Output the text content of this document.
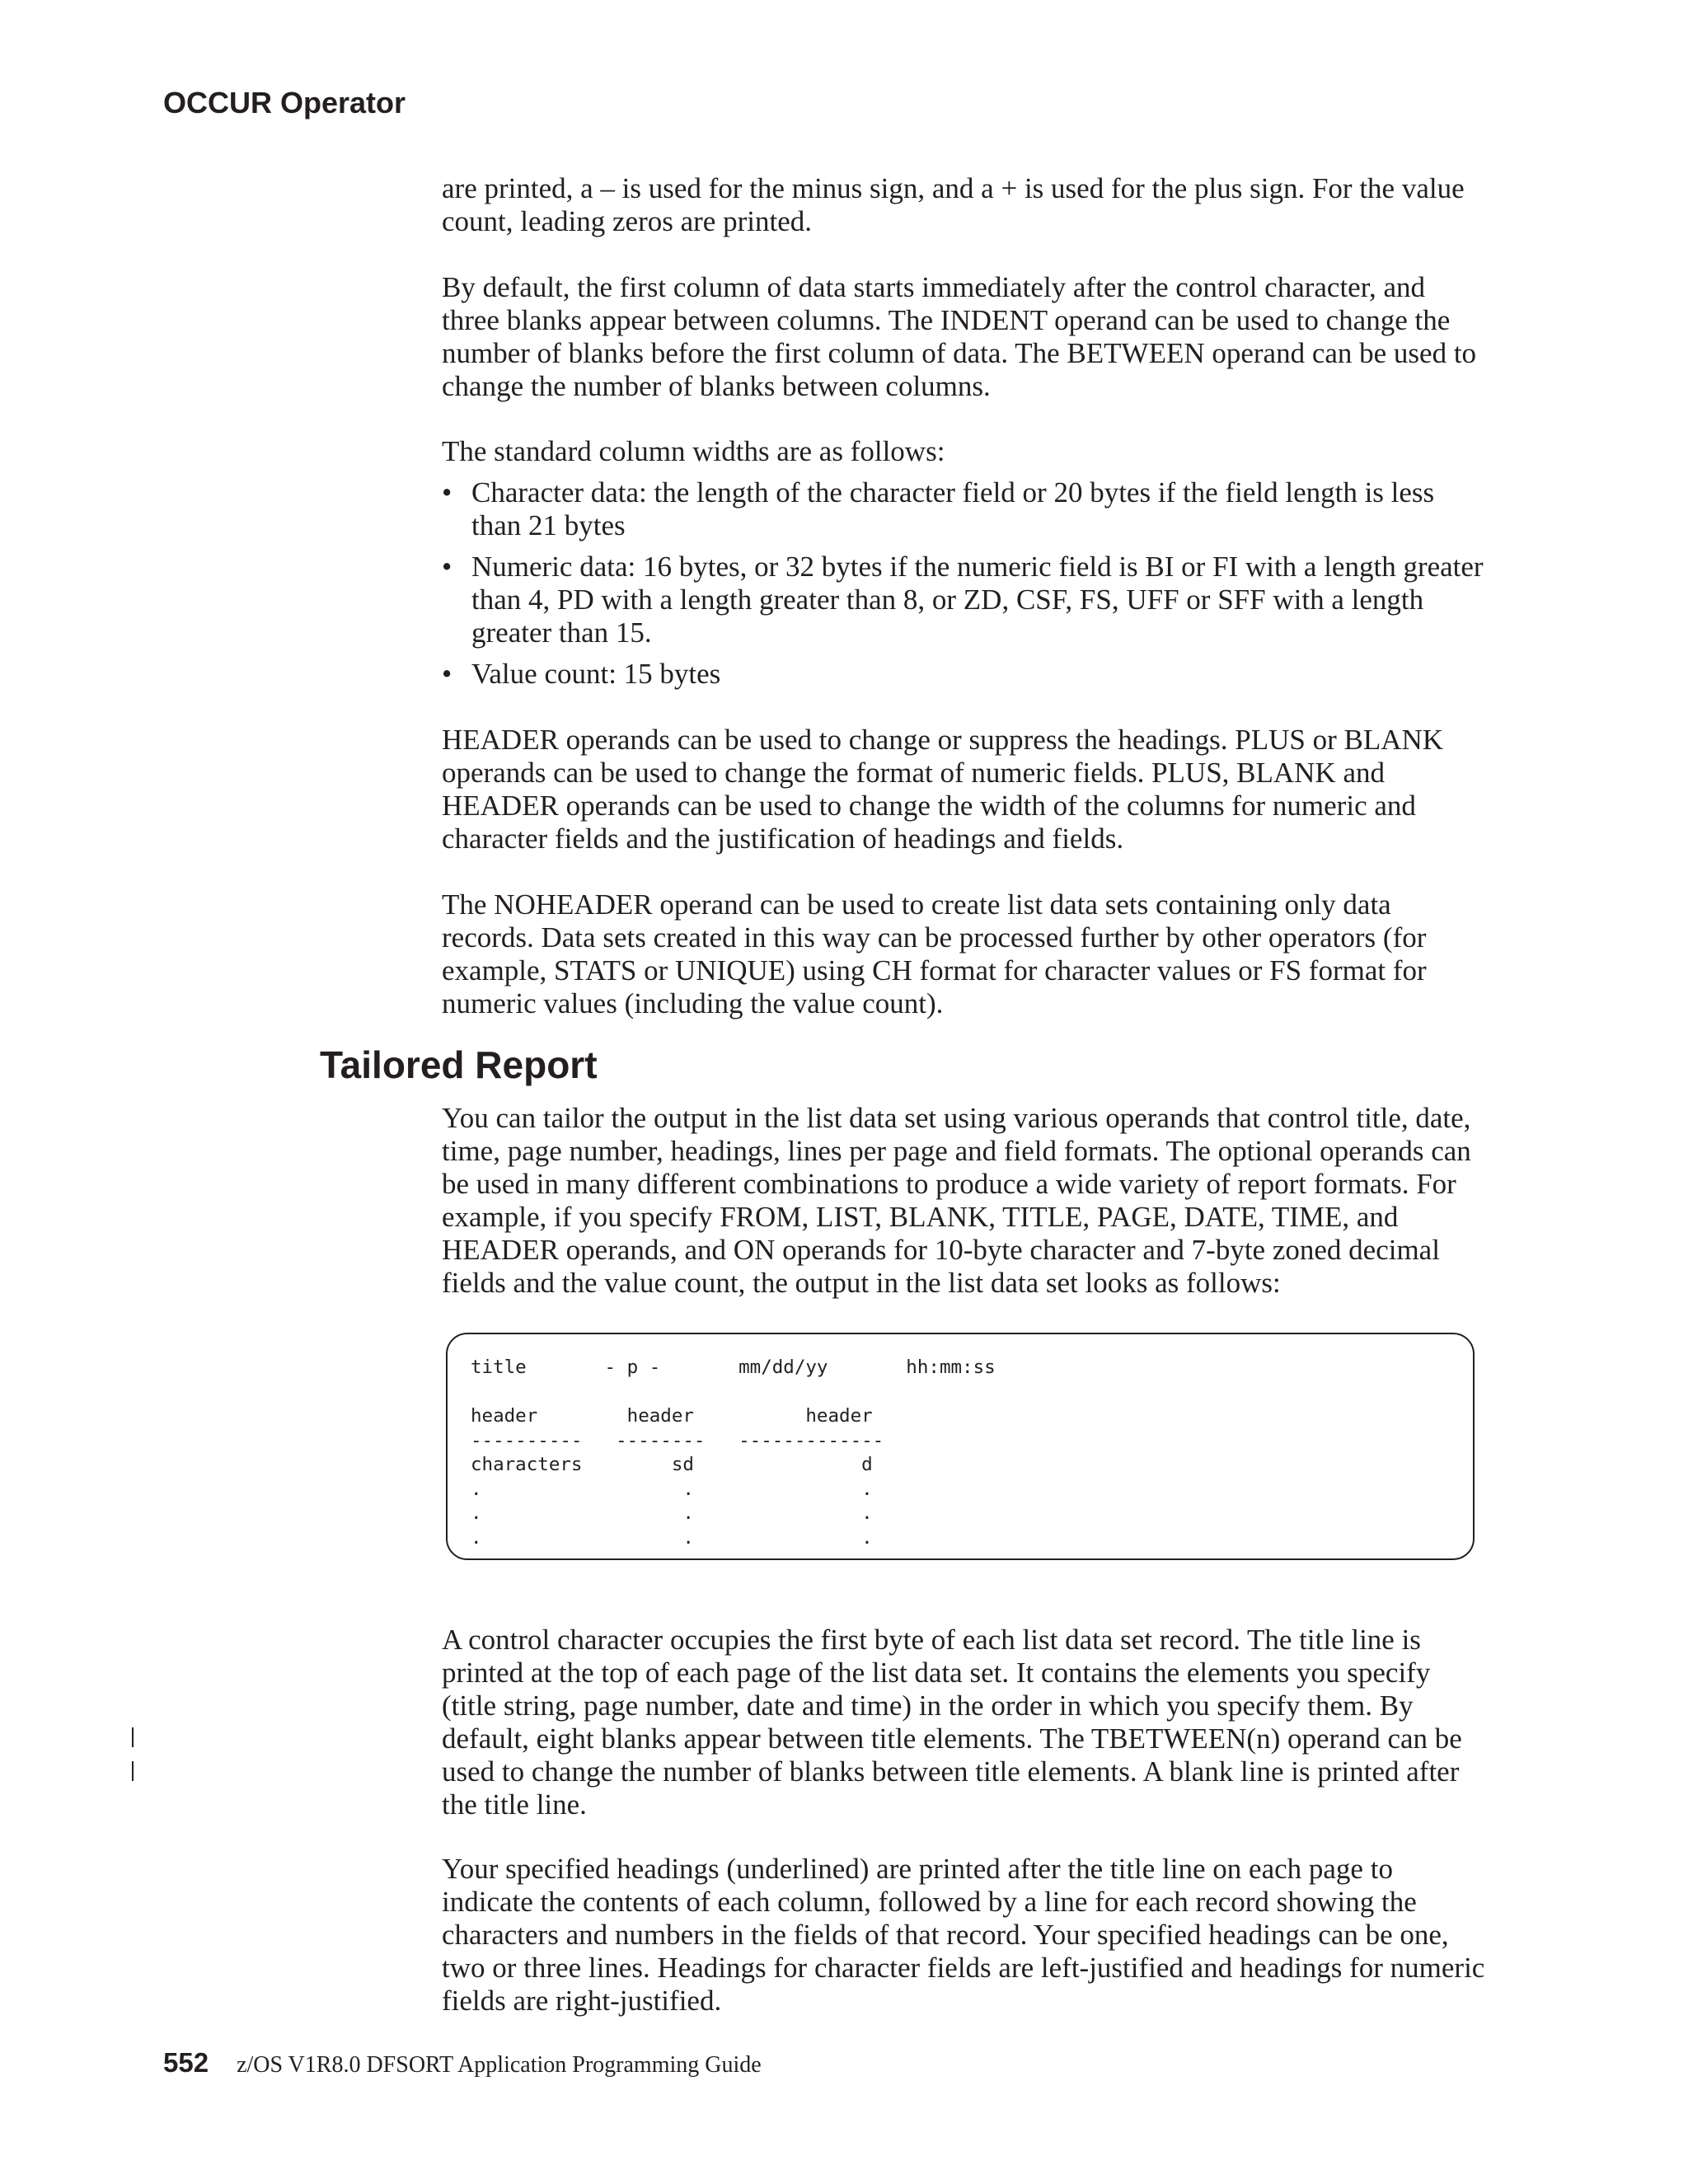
OCCUR Operator

are printed, a – is used for the minus sign, and a + is used for the plus sign. For the value count, leading zeros are printed.

By default, the first column of data starts immediately after the control character, and three blanks appear between columns. The INDENT operand can be used to change the number of blanks before the first column of data. The BETWEEN operand can be used to change the number of blanks between columns.

The standard column widths are as follows:

• Character data: the length of the character field or 20 bytes if the field length is less than 21 bytes
• Numeric data: 16 bytes, or 32 bytes if the numeric field is BI or FI with a length greater than 4, PD with a length greater than 8, or ZD, CSF, FS, UFF or SFF with a length greater than 15.
• Value count: 15 bytes

HEADER operands can be used to change or suppress the headings. PLUS or BLANK operands can be used to change the format of numeric fields. PLUS, BLANK and HEADER operands can be used to change the width of the columns for numeric and character fields and the justification of headings and fields.

The NOHEADER operand can be used to create list data sets containing only data records. Data sets created in this way can be processed further by other operators (for example, STATS or UNIQUE) using CH format for character values or FS format for numeric values (including the value count).

Tailored Report

You can tailor the output in the list data set using various operands that control title, date, time, page number, headings, lines per page and field formats. The optional operands can be used in many different combinations to produce a wide variety of report formats. For example, if you specify FROM, LIST, BLANK, TITLE, PAGE, DATE, TIME, and HEADER operands, and ON operands for 10-byte character and 7-byte zoned decimal fields and the value count, the output in the list data set looks as follows:

title       - p -       mm/dd/yy       hh:mm:ss

header        header          header
----------   --------   -------------
characters        sd               d
.                  .               .
.                  .               .
.                  .               .

A control character occupies the first byte of each list data set record. The title line is printed at the top of each page of the list data set. It contains the elements you specify (title string, page number, date and time) in the order in which you specify them. By default, eight blanks appear between title elements. The TBETWEEN(n) operand can be used to change the number of blanks between title elements. A blank line is printed after the title line.

Your specified headings (underlined) are printed after the title line on each page to indicate the contents of each column, followed by a line for each record showing the characters and numbers in the fields of that record. Your specified headings can be one, two or three lines. Headings for character fields are left-justified and headings for numeric fields are right-justified.

552 z/OS V1R8.0 DFSORT Application Programming Guide
